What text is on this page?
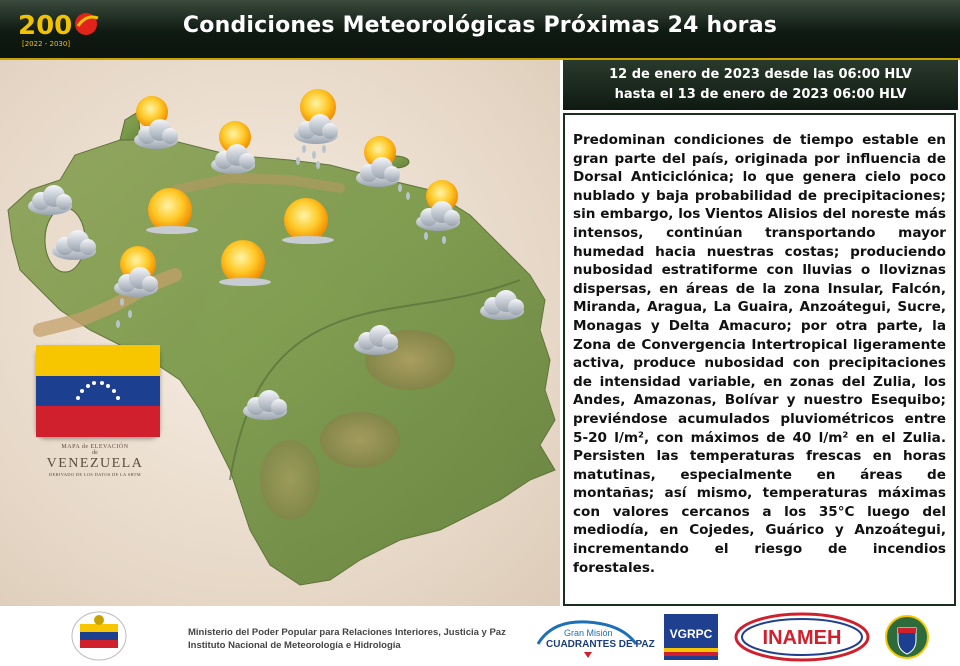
200
[2022 - 2030]
Condiciones Meteorológicas Próximas 24 horas
MAPA de ELEVACIÓN
de
VENEZUELA
DERIVADO DE LOS DATOS DE LA SRTM
12 de enero de 2023 desde las 06:00 HLV
hasta el 13 de enero de 2023 06:00 HLV

Predominan condiciones de tiempo estable en gran parte del país, originada por influencia de Dorsal Anticiclónica; lo que genera cielo poco nublado y baja probabilidad de precipitaciones; sin embargo, los Vientos Alisios del noreste más intensos, continúan transportando mayor humedad hacia nuestras costas; produciendo nubosidad estratiforme con lluvias o lloviznas dispersas, en áreas de la zona Insular, Falcón, Miranda, Aragua, La Guaira, Anzoátegui, Sucre, Monagas y Delta Amacuro; por otra parte, la Zona de Convergencia Intertropical ligeramente activa, produce nubosidad con precipitaciones de intensidad variable, en zonas del Zulia, los Andes, Amazonas, Bolívar y nuestro Esequibo; previéndose acumulados pluviométricos entre 5-20 l/m², con máximos de 40 l/m² en el Zulia. Persisten las temperaturas frescas en horas matutinas, especialmente en áreas de montañas; así mismo, temperaturas máximas con valores cercanos a los 35°C luego del mediodía, en Cojedes, Guárico y Anzoátegui, incrementando el riesgo de incendios forestales.

Ministerio del Poder Popular para Relaciones Interiores, Justicia y Paz
Instituto Nacional de Meteorología e Hidrología
Gran Misión
CUADRANTES DE PAZ
VGRPC	INAMEH
